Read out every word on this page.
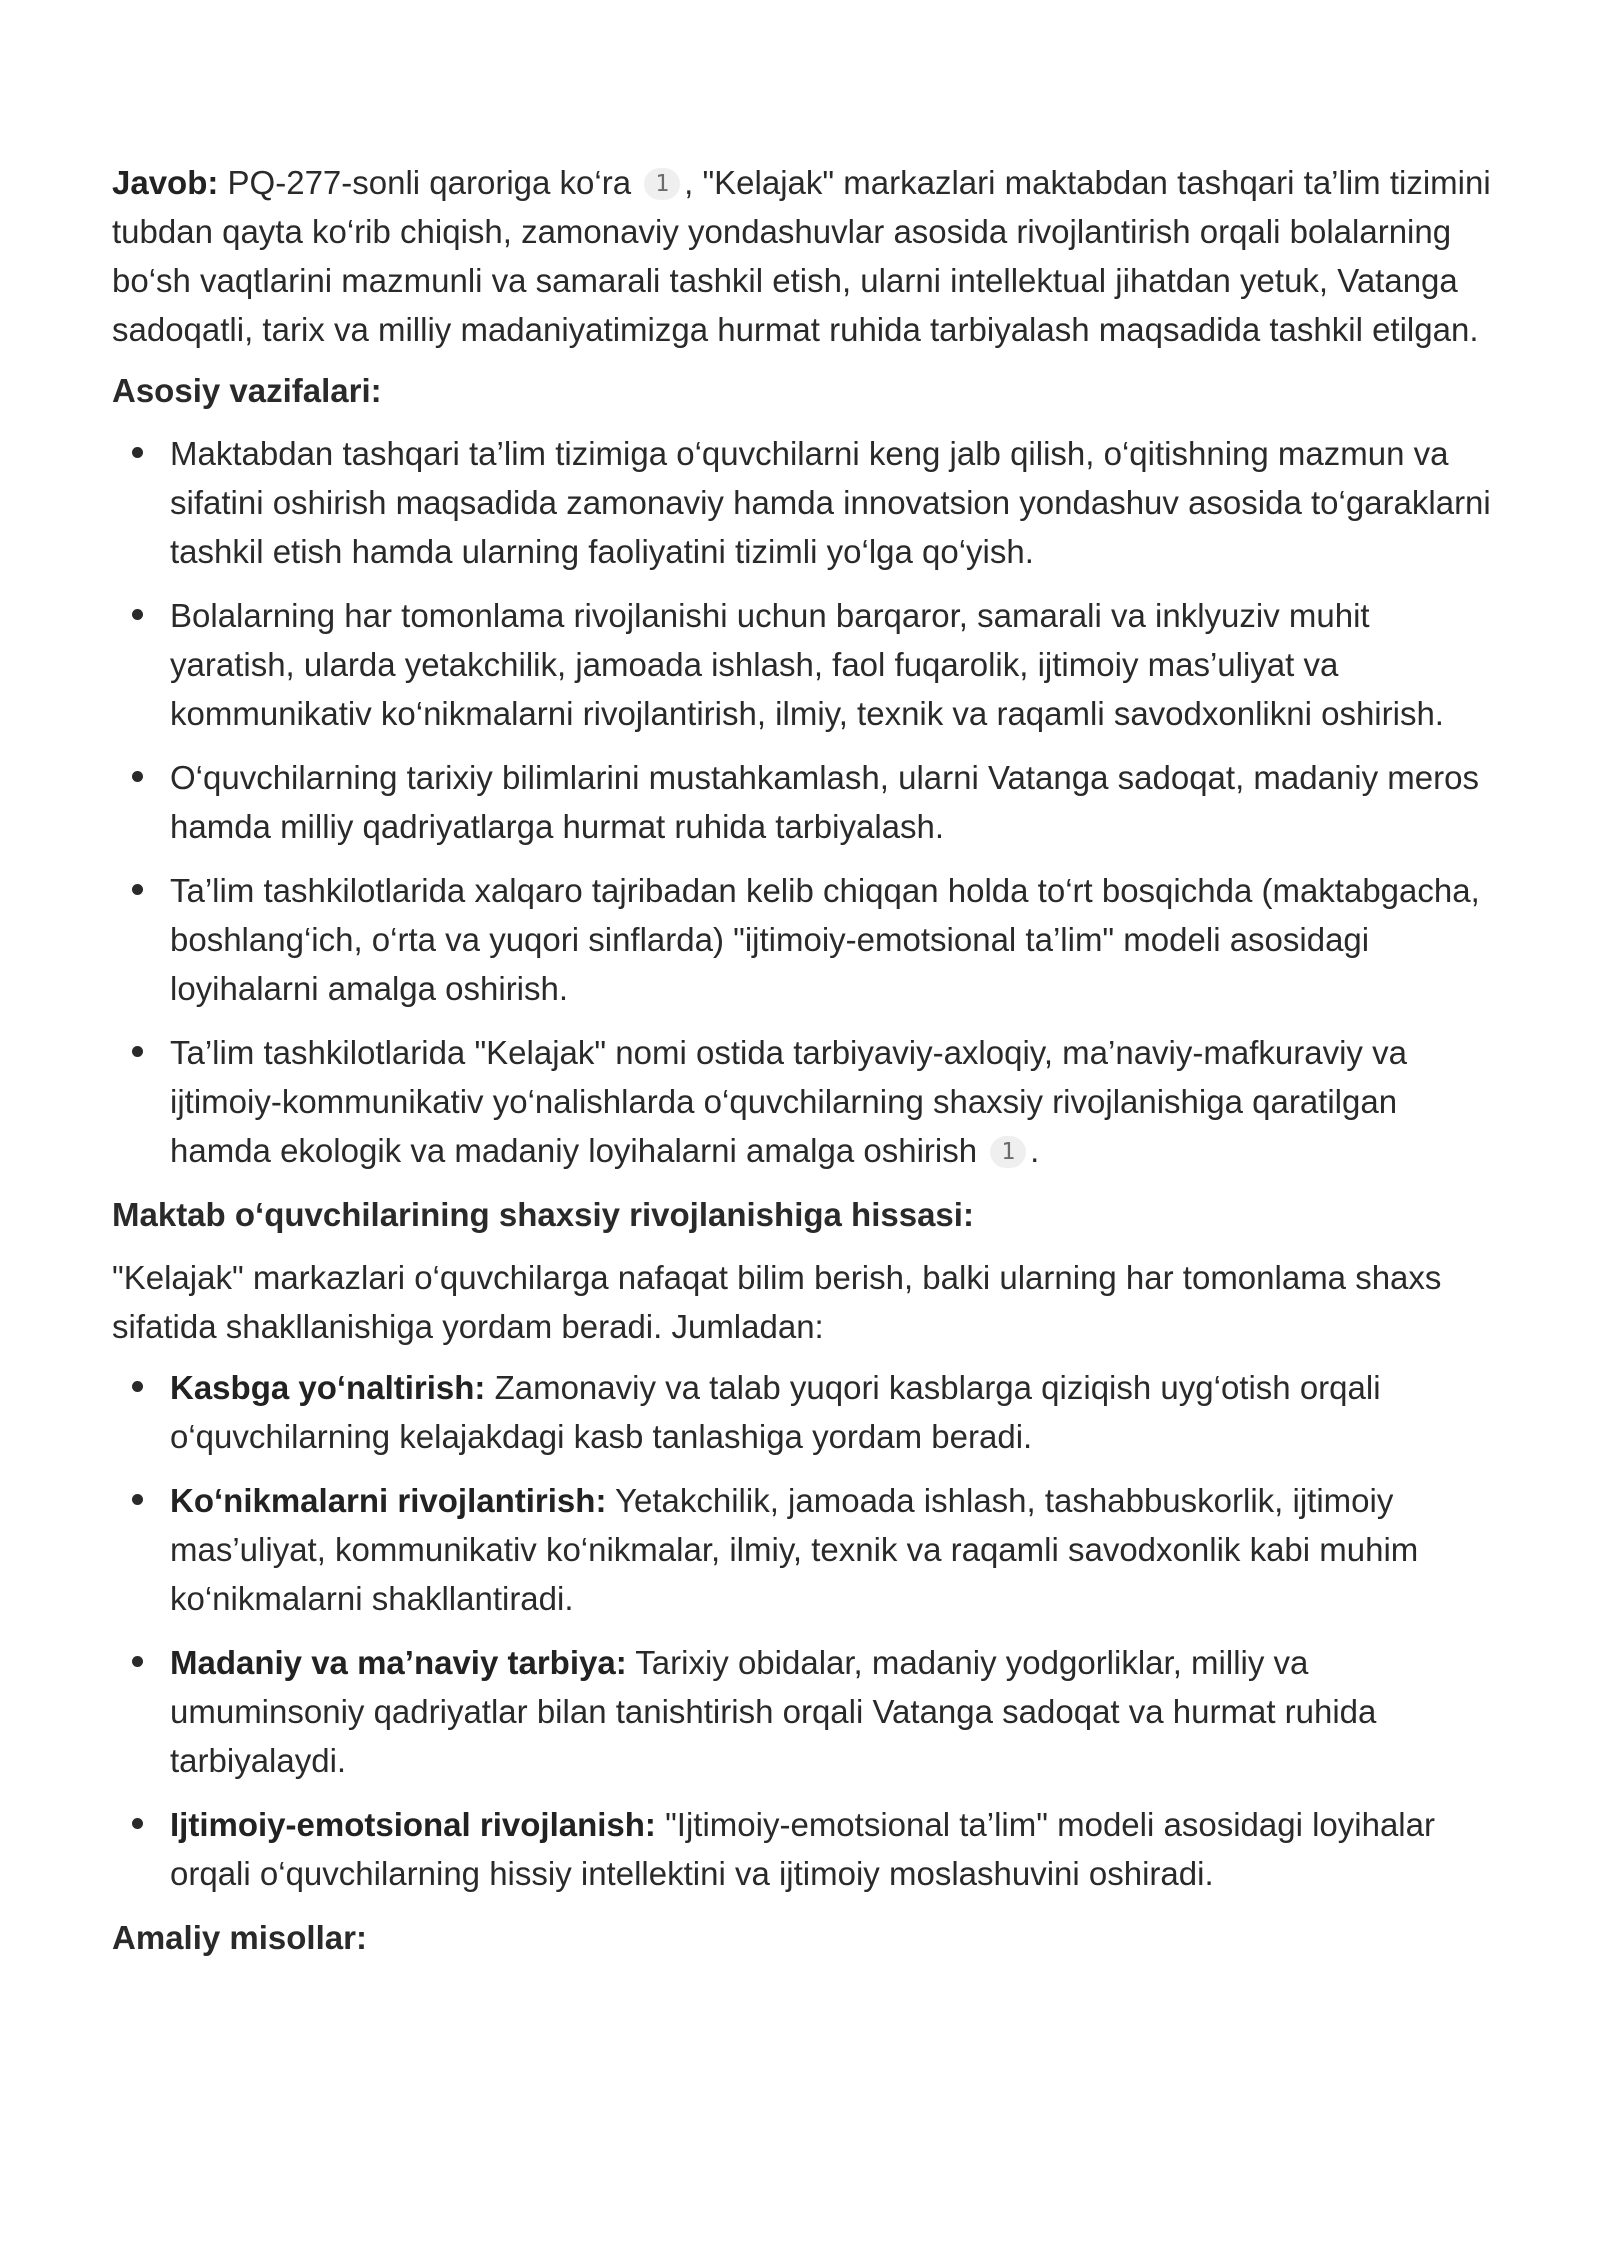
Javob: PQ-277-sonli qaroriga ko‘ra 1 , "Kelajak" markazlari maktabdan tashqari ta’lim tizimini tubdan qayta ko‘rib chiqish, zamonaviy yondashuvlar asosida rivojlantirish orqali bolalarning bo‘sh vaqtlarini mazmunli va samarali tashkil etish, ularni intellektual jihatdan yetuk, Vatanga sadoqatli, tarix va milliy madaniyatimizga hurmat ruhida tarbiyalash maqsadida tashkil etilgan.

Asosiy vazifalari:

Maktabdan tashqari ta’lim tizimiga o‘quvchilarni keng jalb qilish, o‘qitishning mazmun va sifatini oshirish maqsadida zamonaviy hamda innovatsion yondashuv asosida to‘garaklarni tashkil etish hamda ularning faoliyatini tizimli yo‘lga qo‘yish.
Bolalarning har tomonlama rivojlanishi uchun barqaror, samarali va inklyuziv muhit yaratish, ularda yetakchilik, jamoada ishlash, faol fuqarolik, ijtimoiy mas’uliyat va kommunikativ ko‘nikmalarni rivojlantirish, ilmiy, texnik va raqamli savodxonlikni oshirish.
O‘quvchilarning tarixiy bilimlarini mustahkamlash, ularni Vatanga sadoqat, madaniy meros hamda milliy qadriyatlarga hurmat ruhida tarbiyalash.
Ta’lim tashkilotlarida xalqaro tajribadan kelib chiqqan holda to‘rt bosqichda (maktabgacha, boshlang‘ich, o‘rta va yuqori sinflarda) "ijtimoiy-emotsional ta’lim" modeli asosidagi loyihalarni amalga oshirish.
Ta’lim tashkilotlarida "Kelajak" nomi ostida tarbiyaviy-axloqiy, ma’naviy-mafkuraviy va ijtimoiy-kommunikativ yo‘nalishlarda o‘quvchilarning shaxsiy rivojlanishiga qaratilgan hamda ekologik va madaniy loyihalarni amalga oshirish 1 .

Maktab o‘quvchilarining shaxsiy rivojlanishiga hissasi:

"Kelajak" markazlari o‘quvchilarga nafaqat bilim berish, balki ularning har tomonlama shaxs sifatida shakllanishiga yordam beradi. Jumladan:

Kasbga yo‘naltirish: Zamonaviy va talab yuqori kasblarga qiziqish uyg‘otish orqali o‘quvchilarning kelajakdagi kasb tanlashiga yordam beradi.
Ko‘nikmalarni rivojlantirish: Yetakchilik, jamoada ishlash, tashabbuskorlik, ijtimoiy mas’uliyat, kommunikativ ko‘nikmalar, ilmiy, texnik va raqamli savodxonlik kabi muhim ko‘nikmalarni shakllantiradi.
Madaniy va ma’naviy tarbiya: Tarixiy obidalar, madaniy yodgorliklar, milliy va umuminsoniy qadriyatlar bilan tanishtirish orqali Vatanga sadoqat va hurmat ruhida tarbiyalaydi.
Ijtimoiy-emotsional rivojlanish: "Ijtimoiy-emotsional ta’lim" modeli asosidagi loyihalar orqali o‘quvchilarning hissiy intellektini va ijtimoiy moslashuvini oshiradi.

Amaliy misollar:
